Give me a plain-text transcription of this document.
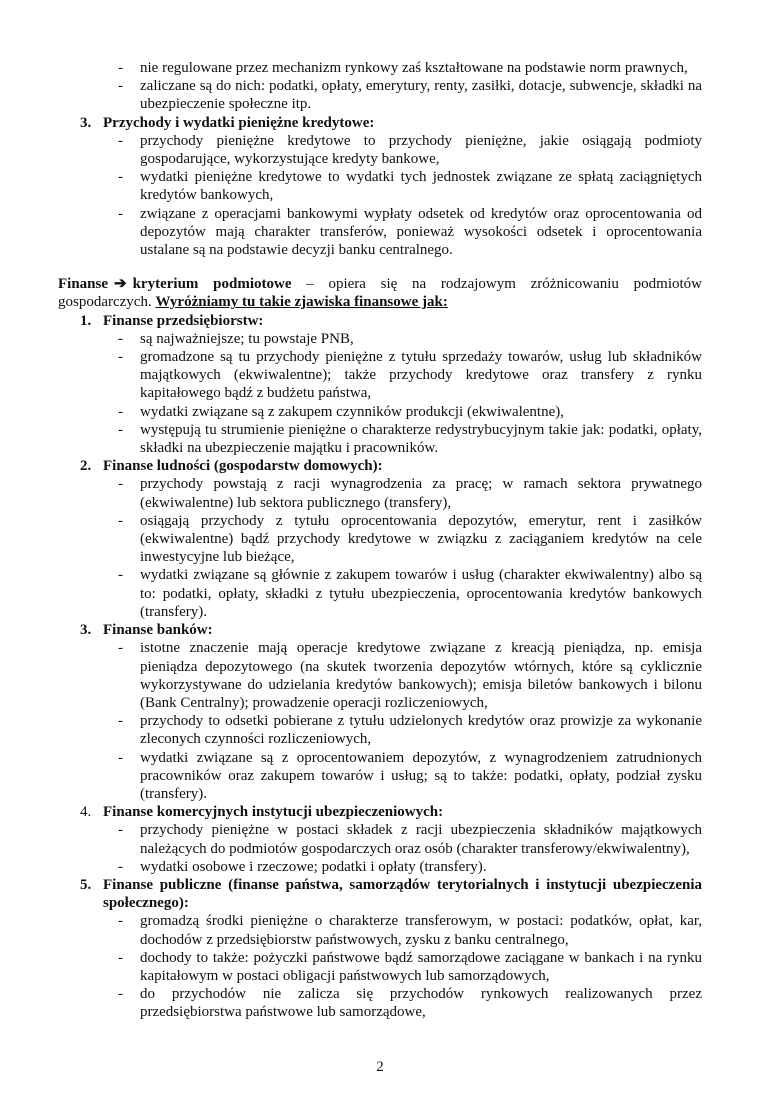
- nie regulowane przez mechanizm rynkowy zaś kształtowane na podstawie norm prawnych,
- zaliczane są do nich: podatki, opłaty, emerytury, renty, zasiłki, dotacje, subwencje, składki na ubezpieczenie społeczne itp.
3. Przychody i wydatki pieniężne kredytowe:
- przychody pieniężne kredytowe to przychody pieniężne, jakie osiągają podmioty gospodarujące, wykorzystujące kredyty bankowe,
- wydatki pieniężne kredytowe to wydatki tych jednostek związane ze spłatą zaciągniętych kredytów bankowych,
- związane z operacjami bankowymi wypłaty odsetek od kredytów oraz oprocentowania od depozytów mają charakter transferów, ponieważ wysokości odsetek i oprocentowania ustalane są na podstawie decyzji banku centralnego.

Finanse ➔ kryterium podmiotowe – opiera się na rodzajowym zróżnicowaniu podmiotów gospodarczych. Wyróżniamy tu takie zjawiska finansowe jak:

1. Finanse przedsiębiorstw:
- są najważniejsze; tu powstaje PNB,
- gromadzone są tu przychody pieniężne z tytułu sprzedaży towarów, usług lub składników majątkowych (ekwiwalentne); także przychody kredytowe oraz transfery z rynku kapitałowego bądź z budżetu państwa,
- wydatki związane są z zakupem czynników produkcji (ekwiwalentne),
- występują tu strumienie pieniężne o charakterze redystrybucyjnym takie jak: podatki, opłaty, składki na ubezpieczenie majątku i pracowników.
2. Finanse ludności (gospodarstw domowych):
- przychody powstają z racji wynagrodzenia za pracę; w ramach sektora prywatnego (ekwiwalentne) lub sektora publicznego (transfery),
- osiągają przychody z tytułu oprocentowania depozytów, emerytur, rent i zasiłków (ekwiwalentne) bądź przychody kredytowe w związku z zaciąganiem kredytów na cele inwestycyjne lub bieżące,
- wydatki związane są głównie z zakupem towarów i usług (charakter ekwiwalentny) albo są to: podatki, opłaty, składki z tytułu ubezpieczenia, oprocentowania kredytów bankowych (transfery).
3. Finanse banków:
- istotne znaczenie mają operacje kredytowe związane z kreacją pieniądza, np. emisja pieniądza depozytowego (na skutek tworzenia depozytów wtórnych, które są cyklicznie wykorzystywane do udzielania kredytów bankowych); emisja biletów bankowych i bilonu (Bank Centralny); prowadzenie operacji rozliczeniowych,
- przychody to odsetki pobierane z tytułu udzielonych kredytów oraz prowizje za wykonanie zleconych czynności rozliczeniowych,
- wydatki związane są z oprocentowaniem depozytów, z wynagrodzeniem zatrudnionych pracowników oraz zakupem towarów i usług; są to także: podatki, opłaty, podział zysku (transfery).
4. Finanse komercyjnych instytucji ubezpieczeniowych:
- przychody pieniężne w postaci składek z racji ubezpieczenia składników majątkowych należących do podmiotów gospodarczych oraz osób (charakter transferowy/ekwiwalentny),
- wydatki osobowe i rzeczowe; podatki i opłaty (transfery).
5. Finanse publiczne (finanse państwa, samorządów terytorialnych i instytucji ubezpieczenia społecznego):
- gromadzą środki pieniężne o charakterze transferowym, w postaci: podatków, opłat, kar, dochodów z przedsiębiorstw państwowych, zysku z banku centralnego,
- dochody to także: pożyczki państwowe bądź samorządowe zaciągane w bankach i na rynku kapitałowym w postaci obligacji państwowych lub samorządowych,
- do przychodów nie zalicza się przychodów rynkowych realizowanych przez przedsiębiorstwa państwowe lub samorządowe,
2
